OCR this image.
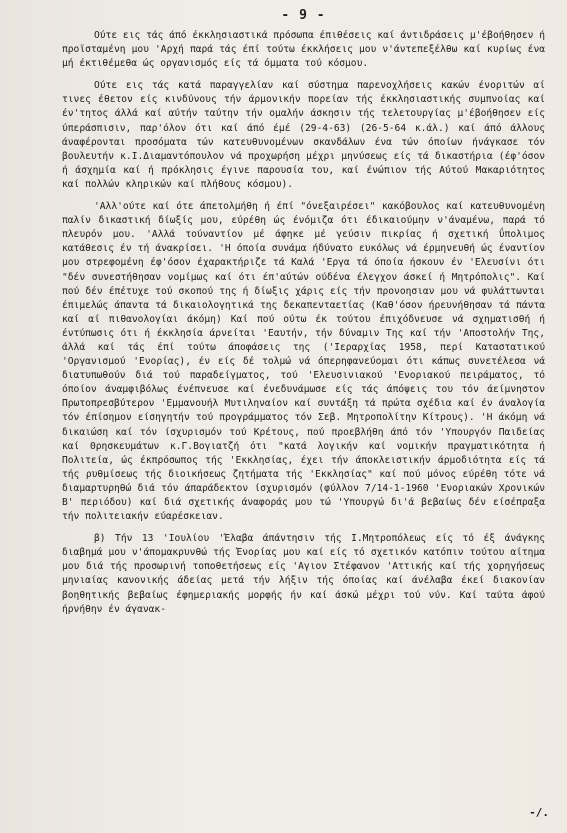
- 9 -

Ούτε εις τάς άπό έκκλησιαστικά πρόσωπα έπιθέσεις καί άντιδράσεις μ'έβοήθησεν ή προϊσταμένη μου 'Αρχή παρά τάς έπί τούτω έκκλήσεις μου ν'άντεπεξέλθω καί κυρίως ένα μή έκτιθέμεθα ώς οργανισμός είς τά όμματα τού κόσμου.

Ούτε εις τάς κατά παραγγελίαν καί σύστημα παρενοχλήσεις κακών ένοριτών αί τινες έθετον είς κινδύνους τήν άρμονικήν πορείαν τής έκκλησιαστικής συμπνοίας καί έν'τητος άλλά καί αύτήν ταύτην τήν ομαλήν άσκησιν τής τελετουργίας μ'έβοήθησεν είς ύπεράσπισιν, παρ'όλον ότι καί άπό έμέ (29-4-63) (26-5-64 κ.άλ.) καί άπό άλλους άναφέρονται προσόματα τών κατευθυνομένων σκανδάλων ένα τών όποίων ήνάγκασε τόν βουλευτήν κ.Ι.Διαμαντόπουλον νά προχωρήση μέχρι μηνύσεως είς τά δικαστήρια (έφ'όσον ή άσχημία καί ή πρόκλησις έγινε παρουσία του, καί ένώπιον τής Αύτού Μακαριότητος καί πολλών κληρικών καί πλήθους κόσμου).

'Αλλ'ούτε καί ότε άπετολμήθη ή έπί "όνεξαιρέσει" κακόβουλος καί κατευθυνομένη παλίν δικαστική δίωξίς μου, εύρέθη ώς ένόμιζα ότι έδικαιούμην ν'άναμένω, παρά τό πλευρόν μου. 'Αλλά τούναντίον μέ άφηκε μέ γεύσιν πικρίας ή σχετική ΰπολιμος κατάθεσις έν τή άνακρίσει. 'Η όποία συνάμα ήδύνατο ευκόλως νά έρμηνευθή ώς έναντίον μου στρεφομένη έφ'όσον έχαρακτήριζε τά Καλά 'Εργα τά όποία ήσκουν έν 'Ελευσίνι ότι "δέν συνεστήθησαν νομίμως καί ότι έπ'αύτών ούδένα έλεγχον άσκεί ή Μητρόπολις". Καί πού δέν έπέτυχε τού σκοπού της ή δίωξις χάρις είς τήν προνοησιαν μου νά φυλάττωνται έπιμελώς άπαντα τά δικαιολογητικά της δεκαπενταετίας (Καθ'όσον ήρευνήθησαν τά πάντα καί αί πιθανολογίαι άκόμη) Καί πού ούτω έκ τούτου έπιχόδνευσε νά σχηματισθή ή έντύπωσις ότι ή έκκλησία άρνείται 'Εαυτήν, τήν δύναμιν Της καί τήν 'Αποστολήν Της, άλλά καί τάς έπί τούτω άποφάσεις της ('Ιεραρχίας 1958, περί Καταστατικού 'Οργανισμού 'Ενορίας), έν είς δέ τολμώ νά όπερηφανεύομαι ότι κάπως συνετέλεσα νά διατυπωθούν διά τού παραδείγματος, τού 'Ελευσινιακού 'Ενοριακού πειράματος, τό όποίον άναμφιβόλως ένέπνευσε καί ένεδυνάμωσε είς τάς άπόψεις του τόν άείμνηστον Πρωτοπρεσβύτερον 'Εμμανουήλ Μυτιληναίον καί συντάξη τά πρώτα σχέδια καί έν άναλογία τόν έπίσημον είσηγητήν τού προγράμματος τόν Σεβ. Μητροπολίτην Κίτρους). 'Η άκόμη νά δικαιώση καί τόν ίσχυρισμόν τού Κρέτους, πού προεβλήθη άπό τόν 'Υπουργόν Παιδείας καί Θρησκευμάτων κ.Γ.Βογιατζή ότι "κατά λογικήν καί νομικήν πραγματικότητα ή Πολιτεία, ώς έκπρόσωπος τής 'Εκκλησίας, έχει τήν άποκλειστικήν άρμοδιότητα είς τά τής ρυθμίσεως τής διοικήσεως ζητήματα τής 'Εκκλησίας" καί πού μόνος εύρέθη τότε νά διαμαρτυρηθώ διά τόν άπαράδεκτον ίσχυρισμόν (φύλλον 7/14-1-1960 'Ενοριακών Χρονικών Β' περιόδου) καί διά σχετικής άναφοράς μου τώ 'Υπουργώ δι'ά βεβαίως δέν είσέπραξα τήν πολιτειακήν εύαρέσκειαν.

β) Τήν 13 'Ιουλίου 'Έλαβα άπάντησιν τής Ι.Μητροπόλεως είς τό έξ άνάγκης διαβημά μου ν'άπομακρυνθώ τής Ένορίας μου καί είς τό σχετικόν κατόπιν τούτου αίτημα μου διά τής προσωρινή τοποθετήσεως είς 'Αγιον Στέφανον 'Αττικής καί τής χορηγήσεως μηνιαίας κανονικής άδείας μετά τήν λήξιν τής όποίας καί άνέλαβα έκεί διακονίαν βοηθητικής βεβαίως έφημεριακής μορφής ήν καί άσκώ μέχρι τού νύν. Καί ταύτα άφού ήρνήθην έν άγανακ-

-/.
